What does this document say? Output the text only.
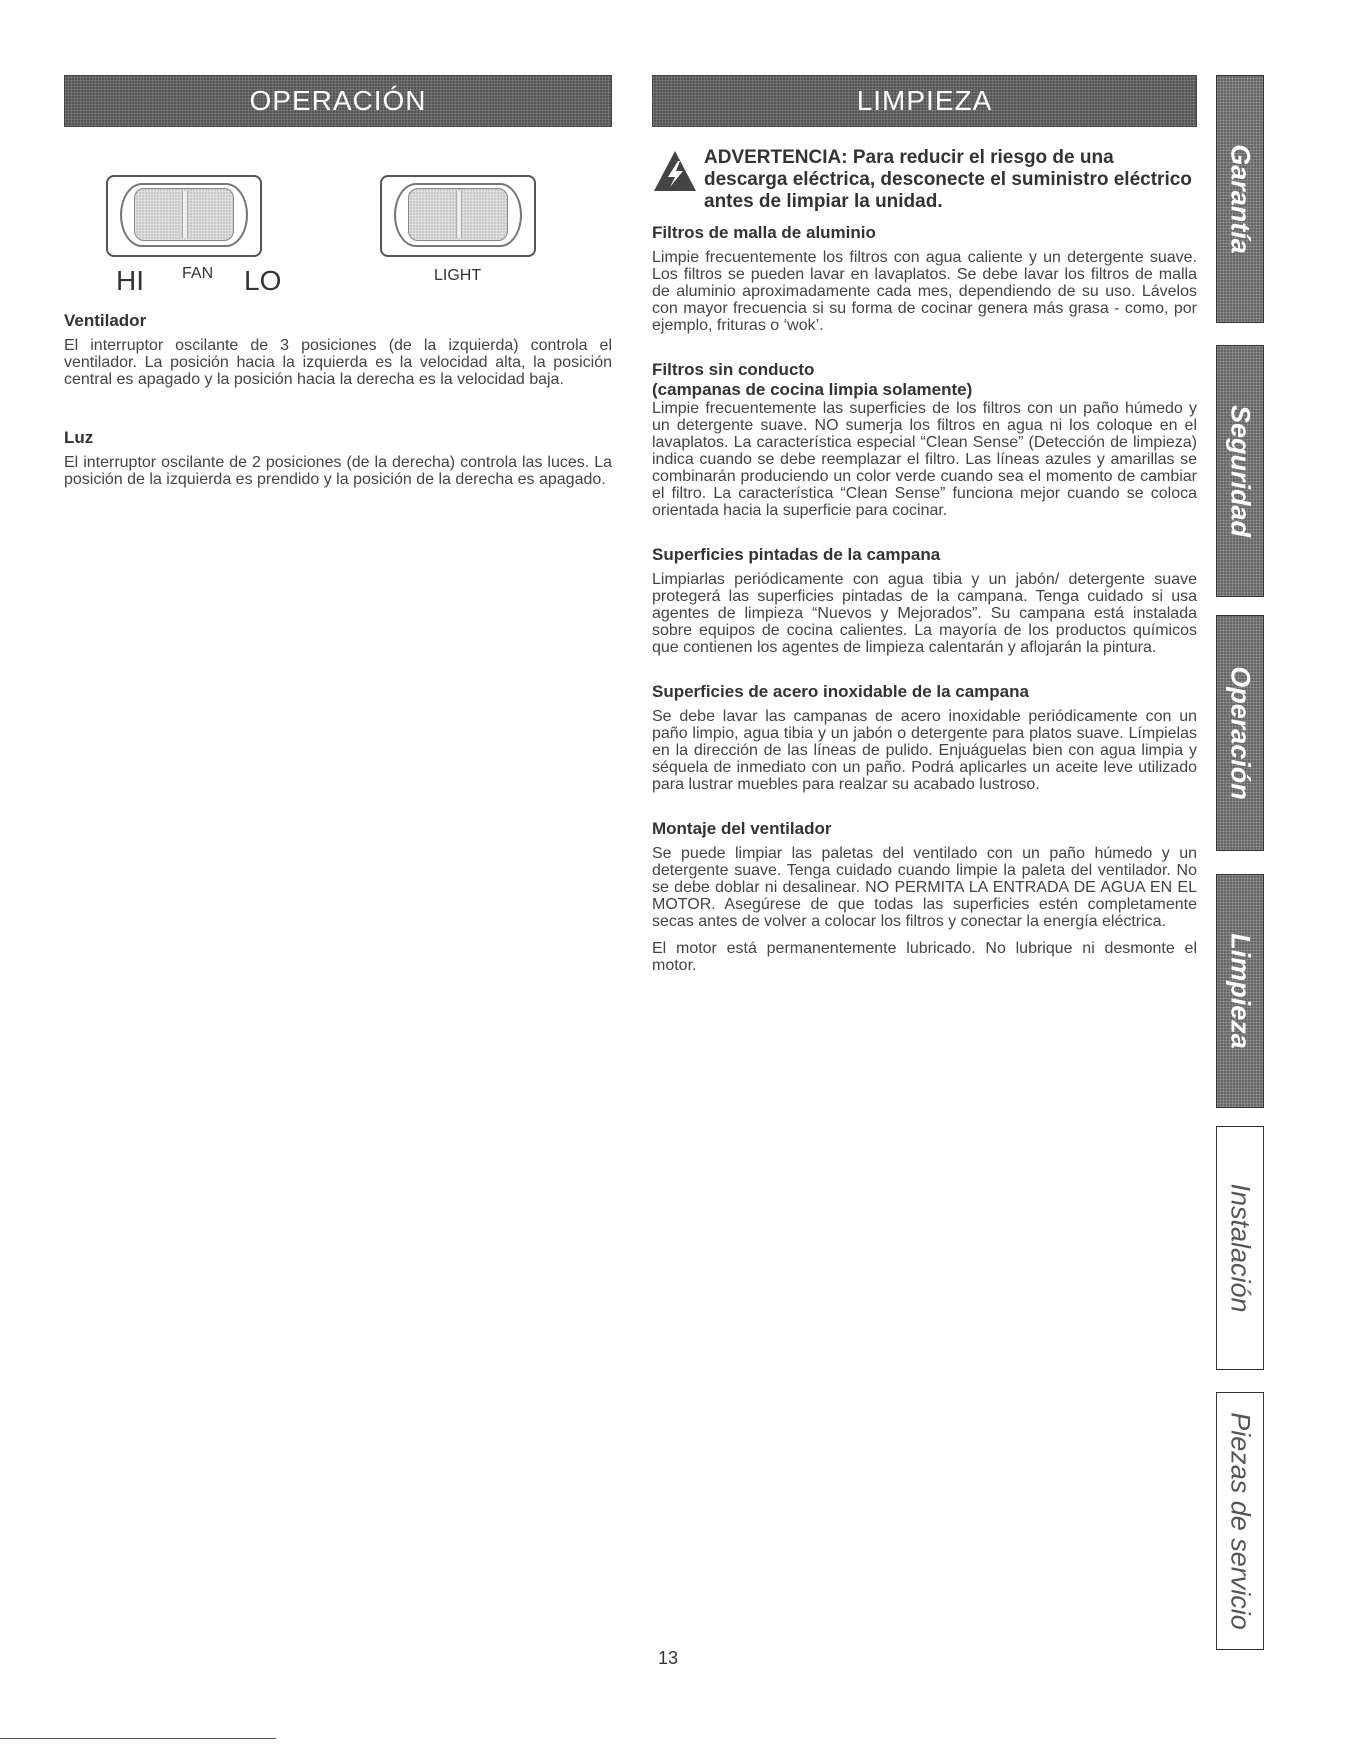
OPERACIÓN
HI FAN LO	LIGHT

Ventilador

El interruptor oscilante de 3 posiciones (de la izquierda) controla el ventilador. La posición hacia la izquierda es la velocidad alta, la posición central es apagado y la posición hacia la derecha es la velocidad baja.

Luz

El interruptor oscilante de 2 posiciones (de la derecha) controla las luces. La posición de la izquierda es prendido y la posición de la derecha es apagado.

LIMPIEZA
ADVERTENCIA: Para reducir el riesgo de una descarga eléctrica, desconecte el suministro eléctrico antes de limpiar la unidad.

Filtros de malla de aluminio

Limpie frecuentemente los filtros con agua caliente y un detergente suave. Los filtros se pueden lavar en lavaplatos. Se debe lavar los filtros de malla de aluminio aproximadamente cada mes, dependiendo de su uso. Lávelos con mayor frecuencia si su forma de cocinar genera más grasa - como, por ejemplo, frituras o ‘wok’.

Filtros sin conducto

(campanas de cocina limpia solamente)

Limpie frecuentemente las superficies de los filtros con un paño húmedo y un detergente suave. NO sumerja los filtros en agua ni los coloque en el lavaplatos. La característica especial “Clean Sense” (Detección de limpieza) indica cuando se debe reemplazar el filtro. Las líneas azules y amarillas se combinarán produciendo un color verde cuando sea el momento de cambiar el filtro. La característica “Clean Sense” funciona mejor cuando se coloca orientada hacia la superficie para cocinar.

Superficies pintadas de la campana

Limpiarlas periódicamente con agua tibia y un jabón/ detergente suave protegerá las superficies pintadas de la campana. Tenga cuidado si usa agentes de limpieza “Nuevos y Mejorados”. Su campana está instalada sobre equipos de cocina calientes. La mayoría de los productos químicos que contienen los agentes de limpieza calentarán y aflojarán la pintura.

Superficies de acero inoxidable de la campana

Se debe lavar las campanas de acero inoxidable periódicamente con un paño limpio, agua tibia y un jabón o detergente para platos suave. Límpielas en la dirección de las líneas de pulido. Enjuáguelas bien con agua limpia y séquela de inmediato con un paño. Podrá aplicarles un aceite leve utilizado para lustrar muebles para realzar su acabado lustroso.

Montaje del ventilador

Se puede limpiar las paletas del ventilado con un paño húmedo y un detergente suave. Tenga cuidado cuando limpie la paleta del ventilador. No se debe doblar ni desalinear. NO PERMITA LA ENTRADA DE AGUA EN EL MOTOR. Asegúrese de que todas las superficies estén completamente secas antes de volver a colocar los filtros y conectar la energía eléctrica.

El motor está permanentemente lubricado. No lubrique ni desmonte el motor.

Garantía
Seguridad
Operación
Limpieza
Instalación
Piezas de servicio
13
